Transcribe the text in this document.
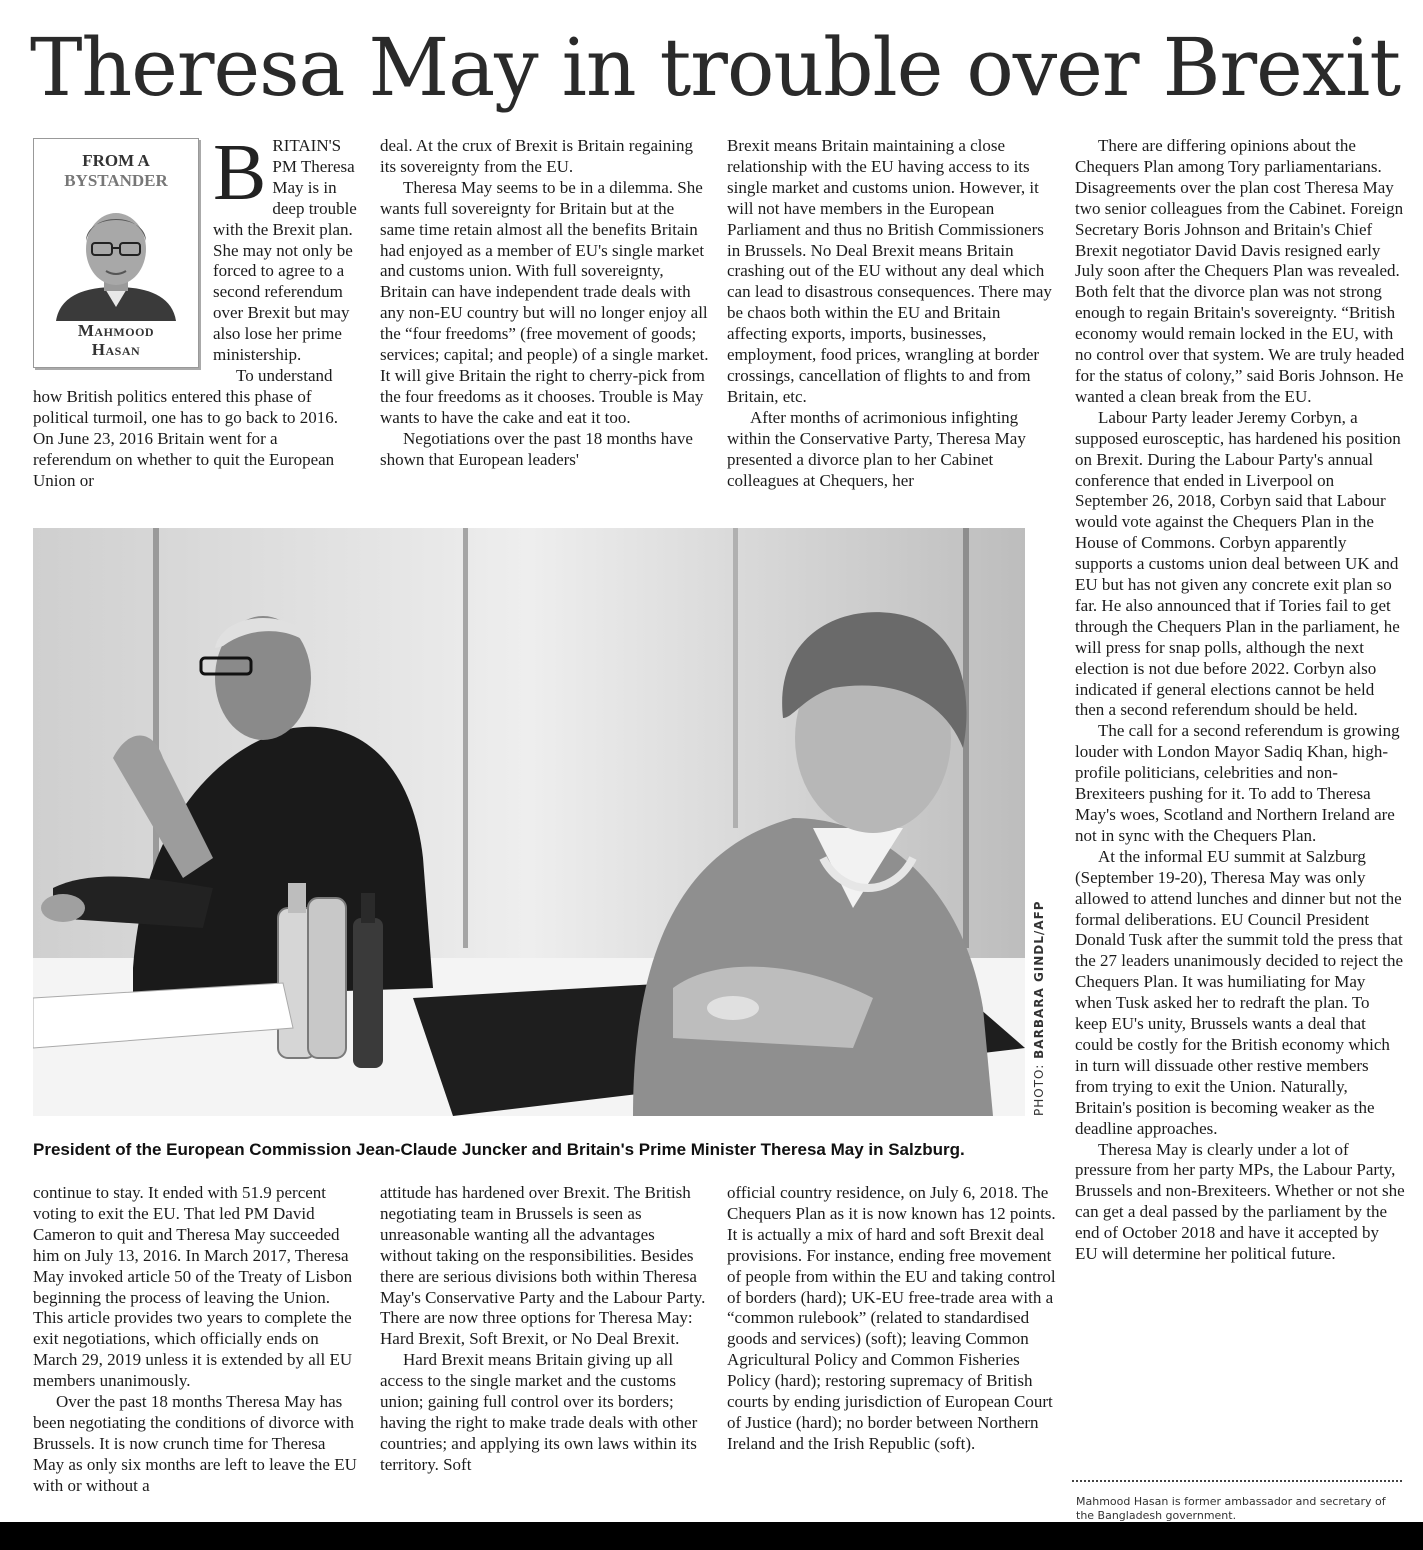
Theresa May in trouble over Brexit
FROM A
BYSTANDER
Mahmood
Hasan

BRITAIN'S PM Theresa May is in deep trouble with the Brexit plan. She may not only be forced to agree to a second referendum over Brexit but may also lose her prime ministership.

To understand how British politics entered this phase of political turmoil, one has to go back to 2016. On June 23, 2016 Britain went for a referendum on whether to quit the European Union or

deal. At the crux of Brexit is Britain regaining its sovereignty from the EU.

Theresa May seems to be in a dilemma. She wants full sovereignty for Britain but at the same time retain almost all the benefits Britain had enjoyed as a member of EU's single market and customs union. With full sovereignty, Britain can have independent trade deals with any non-EU country but will no longer enjoy all the “four freedoms” (free movement of goods; services; capital; and people) of a single market. It will give Britain the right to cherry-pick from the four freedoms as it chooses. Trouble is May wants to have the cake and eat it too.

Negotiations over the past 18 months have shown that European leaders'

Brexit means Britain maintaining a close relationship with the EU having access to its single market and customs union. However, it will not have members in the European Parliament and thus no British Commissioners in Brussels. No Deal Brexit means Britain crashing out of the EU without any deal which can lead to disastrous consequences. There may be chaos both within the EU and Britain affecting exports, imports, businesses, employment, food prices, wrangling at border crossings, cancellation of flights to and from Britain, etc.

After months of acrimonious infighting within the Conservative Party, Theresa May presented a divorce plan to her Cabinet colleagues at Chequers, her

There are differing opinions about the Chequers Plan among Tory parliamentarians. Disagreements over the plan cost Theresa May two senior colleagues from the Cabinet. Foreign Secretary Boris Johnson and Britain's Chief Brexit negotiator David Davis resigned early July soon after the Chequers Plan was revealed. Both felt that the divorce plan was not strong enough to regain Britain's sovereignty. “British economy would remain locked in the EU, with no control over that system. We are truly headed for the status of colony,” said Boris Johnson. He wanted a clean break from the EU.

Labour Party leader Jeremy Corbyn, a supposed eurosceptic, has hardened his position on Brexit. During the Labour Party's annual conference that ended in Liverpool on September 26, 2018, Corbyn said that Labour would vote against the Chequers Plan in the House of Commons. Corbyn apparently supports a customs union deal between UK and EU but has not given any concrete exit plan so far. He also announced that if Tories fail to get through the Chequers Plan in the parliament, he will press for snap polls, although the next election is not due before 2022. Corbyn also indicated if general elections cannot be held then a second referendum should be held.

The call for a second referendum is growing louder with London Mayor Sadiq Khan, high-profile politicians, celebrities and non-Brexiteers pushing for it. To add to Theresa May's woes, Scotland and Northern Ireland are not in sync with the Chequers Plan.

At the informal EU summit at Salzburg (September 19-20), Theresa May was only allowed to attend lunches and dinner but not the formal deliberations. EU Council President Donald Tusk after the summit told the press that the 27 leaders unanimously decided to reject the Chequers Plan. It was humiliating for May when Tusk asked her to redraft the plan. To keep EU's unity, Brussels wants a deal that could be costly for the British economy which in turn will dissuade other restive members from trying to exit the Union. Naturally, Britain's position is becoming weaker as the deadline approaches.

Theresa May is clearly under a lot of pressure from her party MPs, the Labour Party, Brussels and non-Brexiteers. Whether or not she can get a deal passed by the parliament by the end of October 2018 and have it accepted by EU will determine her political future.

PHOTO: BARBARA GINDL/AFP
President of the European Commission Jean-Claude Juncker and Britain's Prime Minister Theresa May in Salzburg.

continue to stay. It ended with 51.9 percent voting to exit the EU. That led PM David Cameron to quit and Theresa May succeeded him on July 13, 2016. In March 2017, Theresa May invoked article 50 of the Treaty of Lisbon beginning the process of leaving the Union. This article provides two years to complete the exit negotiations, which officially ends on March 29, 2019 unless it is extended by all EU members unanimously.

Over the past 18 months Theresa May has been negotiating the conditions of divorce with Brussels. It is now crunch time for Theresa May as only six months are left to leave the EU with or without a

attitude has hardened over Brexit. The British negotiating team in Brussels is seen as unreasonable wanting all the advantages without taking on the responsibilities. Besides there are serious divisions both within Theresa May's Conservative Party and the Labour Party. There are now three options for Theresa May: Hard Brexit, Soft Brexit, or No Deal Brexit.

Hard Brexit means Britain giving up all access to the single market and the customs union; gaining full control over its borders; having the right to make trade deals with other countries; and applying its own laws within its territory. Soft

official country residence, on July 6, 2018. The Chequers Plan as it is now known has 12 points. It is actually a mix of hard and soft Brexit deal provisions. For instance, ending free movement of people from within the EU and taking control of borders (hard); UK-EU free-trade area with a “common rulebook” (related to standardised goods and services) (soft); leaving Common Agricultural Policy and Common Fisheries Policy (hard); restoring supremacy of British courts by ending jurisdiction of European Court of Justice (hard); no border between Northern Ireland and the Irish Republic (soft).

Mahmood Hasan is former ambassador and secretary of the Bangladesh government.
